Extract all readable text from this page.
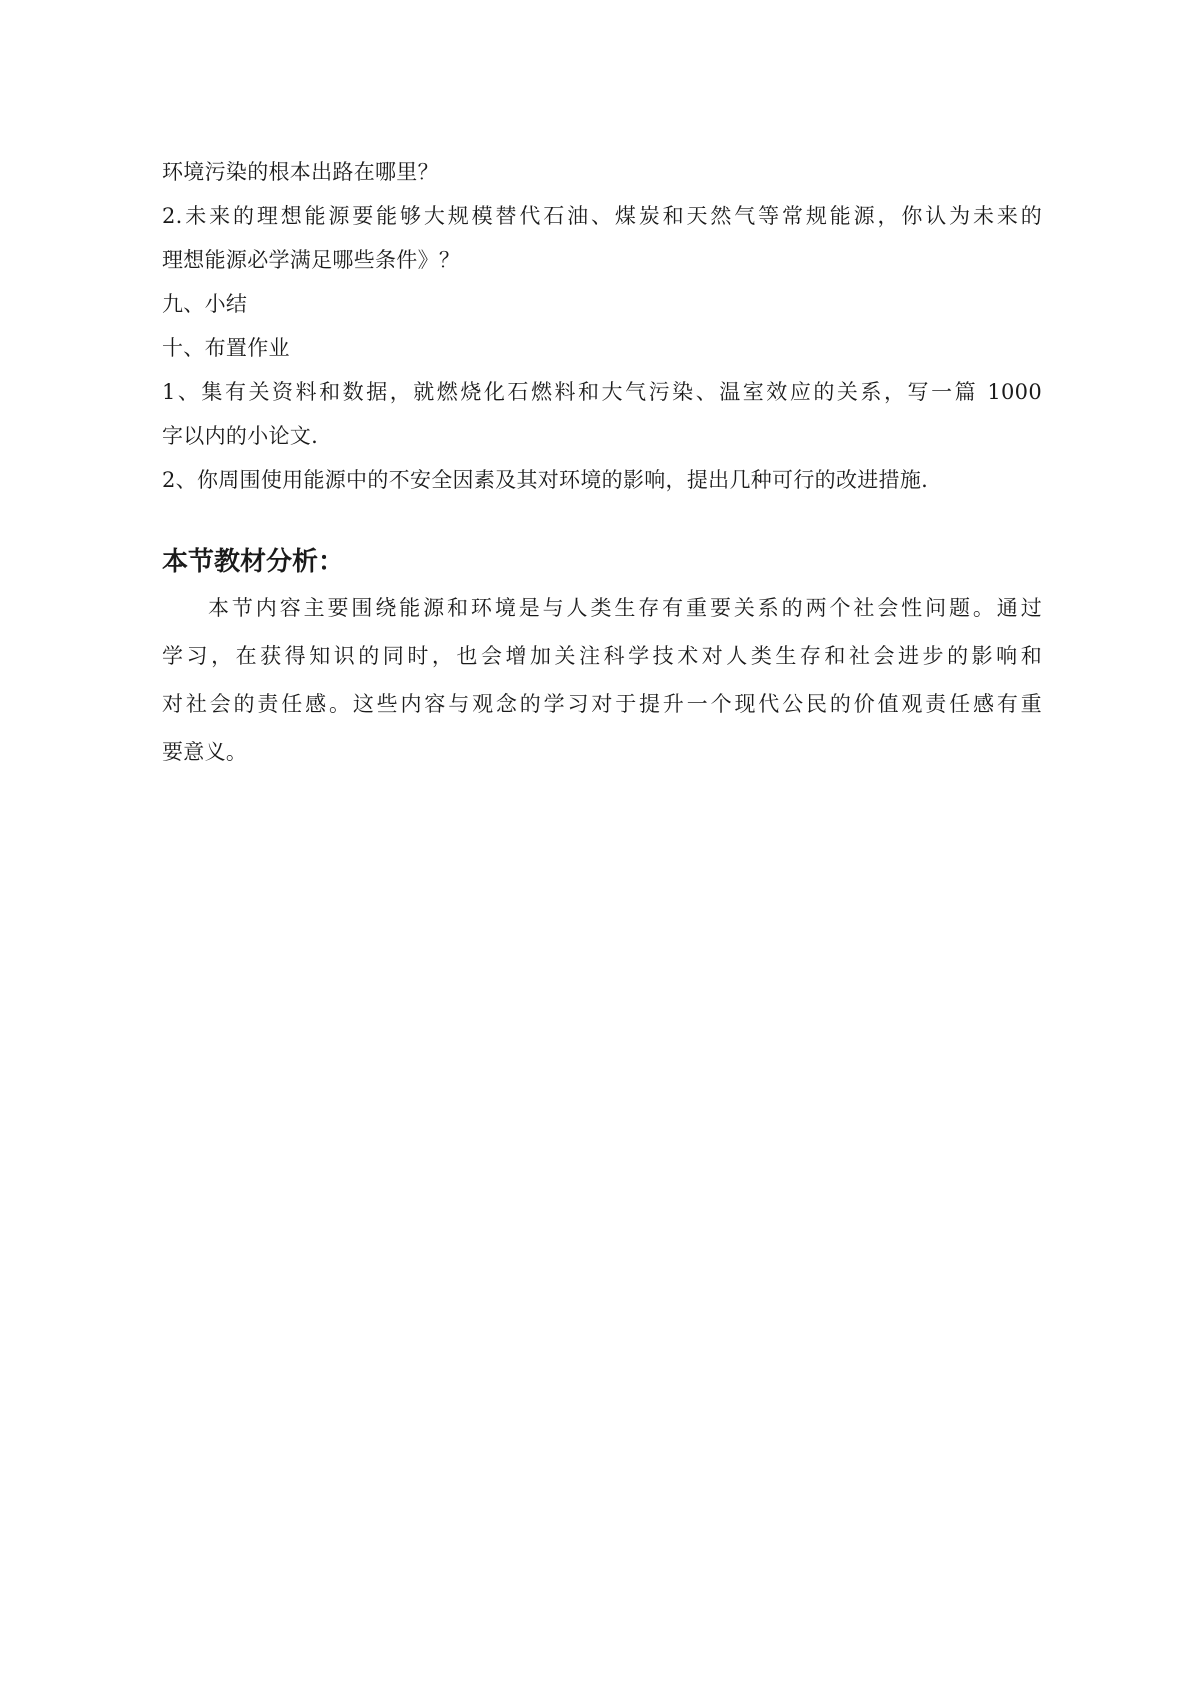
环境污染的根本出路在哪里？
2.未来的理想能源要能够大规模替代石油、煤炭和天然气等常规能源，你认为未来的
理想能源必学满足哪些条件》？
九、小结
十、布置作业
1、集有关资料和数据，就燃烧化石燃料和大气污染、温室效应的关系，写一篇 1000
字以内的小论文.
2、你周围使用能源中的不安全因素及其对环境的影响，提出几种可行的改进措施.
本节教材分析：
本节内容主要围绕能源和环境是与人类生存有重要关系的两个社会性问题。通过
学习，在获得知识的同时，也会增加关注科学技术对人类生存和社会进步的影响和
对社会的责任感。这些内容与观念的学习对于提升一个现代公民的价值观责任感有重
要意义。
